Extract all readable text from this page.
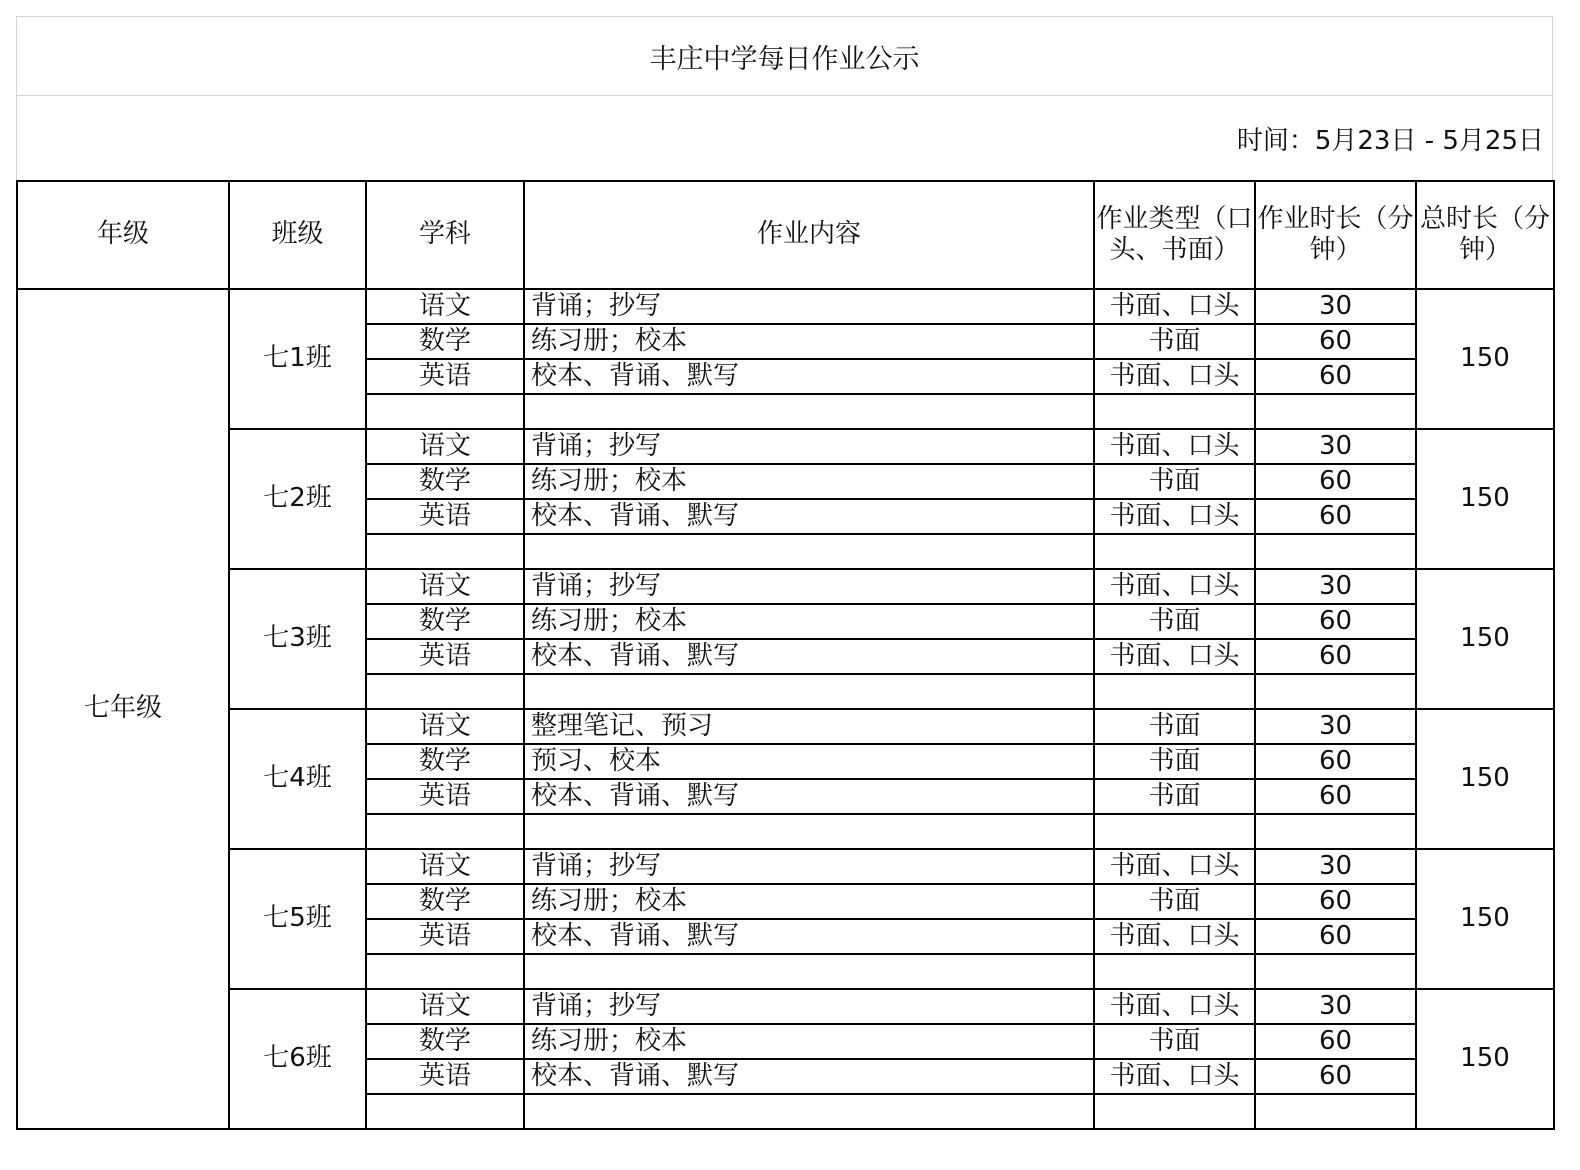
丰庄中学每日作业公示
时间：5月23日 - 5月25日
年级	班级	学科	作业内容	作业类型（口头、书面）	作业时长（分钟）	总时长（分钟）
七年级	七1班	语文	背诵；抄写	书面、口头	30	150
		数学	练习册；校本	书面	60	
		英语	校本、背诵、默写	书面、口头	60	

	七2班	语文	背诵；抄写	书面、口头	30	150
		数学	练习册；校本	书面	60	
		英语	校本、背诵、默写	书面、口头	60	

	七3班	语文	背诵；抄写	书面、口头	30	150
		数学	练习册；校本	书面	60	
		英语	校本、背诵、默写	书面、口头	60	

	七4班	语文	整理笔记、预习	书面	30	150
		数学	预习、校本	书面	60	
		英语	校本、背诵、默写	书面	60	

	七5班	语文	背诵；抄写	书面、口头	30	150
		数学	练习册；校本	书面	60	
		英语	校本、背诵、默写	书面、口头	60	

	七6班	语文	背诵；抄写	书面、口头	30	150
		数学	练习册；校本	书面	60	
		英语	校本、背诵、默写	书面、口头	60	
